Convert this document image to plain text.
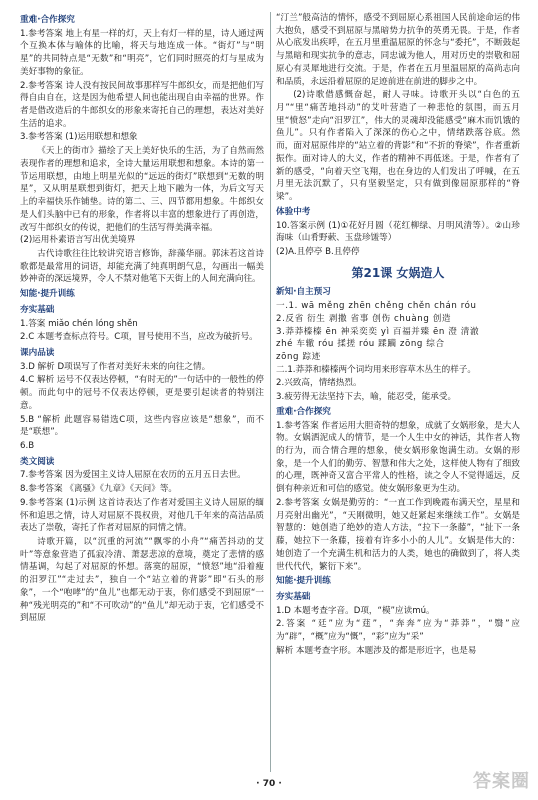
重难·合作探究

1.参考答案 地上有星一样的灯，天上有灯一样的星，诗人通过两个互换本体与喻体的比喻，将天与地连成一体。“街灯”与“明星”的共同特点是“无数”和“明亮”，它们同时照亮的灯与星成为美好事物的象征。

2.参考答案 诗人没有按民间故事那样写牛郎织女，而是把他们写得自由自在，这是因为他希望人间也能出现自由幸福的世界。作者是借改造后的牛郎织女的形象来寄托自己的理想，表达对美好生活的追求。

3.参考答案 (1)运用联想和想象

《天上的街市》描绘了天上美好快乐的生活，为了自然而然表现作者的理想和追求，全诗大量运用联想和想象。本诗的第一节运用联想，由地上明星光似的“远远的街灯”联想到“无数的明星”，又从明星联想到街灯，把天上地下融为一体，为后文写天上的幸福快乐作铺垫。诗的第二、三、四节都用想象。牛郎织女是人们头脑中已有的形象，作者将以丰富的想象进行了再创造，改写牛郎织女的传说，把他们的生活写得美满幸福。

(2)运用朴素语言写出优美境界

古代诗歌往往比较讲究语言修饰，辞藻华丽。郭沫若这首诗歌都是最常用的词语，却能充满了纯真明朗气息，勾画出一幅美妙神奇的深远境界，令人不禁对他笔下天街上的人间充满向往。

知能·提升训练
夯实基础

1.答案 miǎo chén lóng shěn

2.C 本题考查标点符号。C项，冒号使用不当，应改为破折号。

课内品读

3.D 解析 D项误写了作者对美好未来的向往之情。

4.C 解析 运号不仅表达停顿，“有时无的”一句话中的一般性的停顿。而此句中的冠号不仅表达停顿，更是要引起读者的特别注意。

5.B “解析 此题容易错选C项，这些内容应该是“想象”，而不是“联想”。

6.B

类文阅读

7.参考答案 因为爱国主义诗人屈原在农历的五月五日去世。

8.参考答案 《离骚》《九章》《天问》等。

9.参考答案 (1)示例 这首诗表达了作者对爱国主义诗人屈原的缅怀和追思之情，诗人对屈原不畏权贵，对他几千年来的高洁品质表达了崇敬，寄托了作者对屈原的同情之情。

诗歌开篇，以“沉重的河流”“飘零的小舟”“痛苦抖动的艾叶”等意象营造了孤寂冷清、萧瑟悲凉的意境，奠定了悲情的感情基调，勾起了对屈原的怀想。落寞的屈原，“愤怒”地“沿着瘦的汨罗江”“走过去”，独自一个“站立着的背影”即“石头的形象”，一个“咆哮”的“鱼儿”也都无动于衷，你们感受不到屈原“一种“残光明亮的”和“不可吹动”的“鱼儿”却无动于衷，它们感受不到屈原

“汀兰”般高洁的情怀，感受不到屈原心系祖国人民前途命运的伟大抱负，感受不到屈原与黑暗势力抗争的英勇无畏。于是，作者从心底发出疾呼，在五月里重温屈原的怀念与“委托”，不断鼓起与黑暗和现实抗争的意志，同忠诚为他人，用对历史的崇敬和屈原心有灵犀地进行交流。于是，作者在五月里温屈原的高尚志向和品质，永远沿着屈原的足迹前进在前进的脚步之中。

(2)诗歌借感慨奋起，耐人寻味。诗歌开头以“白色的五月”“里“痛苦地抖动”的艾叶营造了一种悲怆的氛围，而五月里“愤怒”走向“汨罗江”，伟大的灵魂却没能感受“麻木而饥饿的鱼儿”。只有作者陷入了深深的伤心之中，情绪跌落谷底。然而，面对屈原伟岸的“站立着的背影”和“不折的脊梁”，作者重新振作。面对诗人的大义，作者的精神不再低迷。于是，作者有了新的感受，“向着天空飞翔，也在身边的人们发出了呼喊，在五月里无法沉默了，只有坚毅坚定，只有做到像屈原那样的“脊梁”。

体验中考

10.答案示例 (1)①花好月圆（花红柳绿、月明风清等）。②山珍海味（山肴野蔌、玉盘珍馐等）

(2)A.且停亭 B.且停停

第21课 女娲造人
新知·自主预习

一.1. wā měng zhēn chěng chěn chán róu

2.反省 衍生 剥撒 省事 创伤 chuàng 创造

3.莽莽榛榛 ēn 神采奕奕 yì 百福并臻 ēn 澄 清澈

zhé 车辙 róu 揉搓 róu 蹂躏 zōng 综合

zōng 踪迹

二.1.莽莽和榛榛两个词均用来形容草木丛生的样子。

2.兴致高，情绪热烈。

3.疲劳得无法坚持下去，喻，能忍受，能承受。

重难·合作探究

1.参考答案 作者运用大胆奇特的想象，成就了女娲形象，是大人物。女娲洒泥成人的情节，是一个人生中女的神话，其作者人物的行为，而合情合理的想象，使女娲形象饱满生动。女娲的形象，是一个人们的勤劳、智慧和伟大之处，这样使人物有了细致的心理，既神奇又富合平常人的性格，读之令人不觉得遥远，反倒有种亲近和可信的感觉。使女娲形象更为生动。

2.参考答案 女娲是勤劳的：“一直工作到晚霞布满天空，星星和月亮射出幽光”，“天刚微明，她又赶紧起来继续工作”。女娲是智慧的：她创造了绝妙的造人方法，“拉下一条藤”，“扯下一条藤，她拉下一条藤，接着有许多小小的人儿”。女娲是伟大的：她创造了一个充满生机和活力的人类，她也的确做到了，将人类世代代代，繁衍下来”。

知能·提升训练
夯实基础

1.D 本题考查字音。D项，“模”应读mú。

2.答案 “廷”应为“莛”，“奔奔”应为“莽莽”，“翳”应为“辟”，“概”应为“慨”，“彩”应为“采”

解析 本题考查字形。本题涉及的都是形近字，也是易

· 70 ·	答案圈
